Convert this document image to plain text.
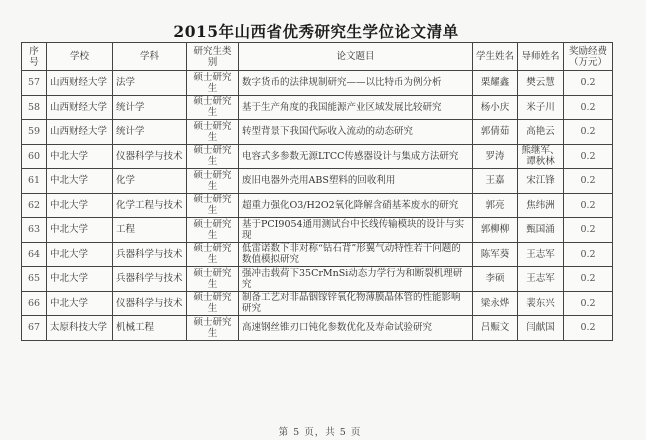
2015年山西省优秀研究生学位论文清单
序号	学校	学科	研究生类别	论文题目	学生姓名	导师姓名	奖励经费（万元）
57	山西财经大学	法学	硕士研究生	数字货币的法律规制研究——以比特币为例分析	栗耀鑫	樊云慧	0.2
58	山西财经大学	统计学	硕士研究生	基于生产角度的我国能源产业区域发展比较研究	杨小庆	米子川	0.2
59	山西财经大学	统计学	硕士研究生	转型背景下我国代际收入流动的动态研究	郭倩茹	高艳云	0.2
60	中北大学	仪器科学与技术	硕士研究生	电容式多参数无源LTCC传感器设计与集成方法研究	罗涛	熊继军、谭秋林	0.2
61	中北大学	化学	硕士研究生	废旧电器外壳用ABS塑料的回收利用	王嘉	宋江锋	0.2
62	中北大学	化学工程与技术	硕士研究生	超重力强化O3/H2O2氧化降解含硝基苯废水的研究	郭亮	焦纬洲	0.2
63	中北大学	工程	硕士研究生	基于PCI9054通用测试台中长线传输模块的设计与实现	郭柳柳	甄国涌	0.2
64	中北大学	兵器科学与技术	硕士研究生	低雷诺数下非对称“钻石背”形翼气动特性若干问题的数值模拟研究	陈军葵	王志军	0.2
65	中北大学	兵器科学与技术	硕士研究生	强冲击载荷下35CrMnSi动态力学行为和断裂机理研究	李硕	王志军	0.2
66	中北大学	仪器科学与技术	硕士研究生	制备工艺对非晶铟镓锌氧化物薄膜晶体管的性能影响研究	梁永烨	裴东兴	0.2
67	太原科技大学	机械工程	硕士研究生	高速钢丝锥刃口钝化参数优化及寿命试验研究	吕赈文	闫献国	0.2
第 5 页，共 5 页
